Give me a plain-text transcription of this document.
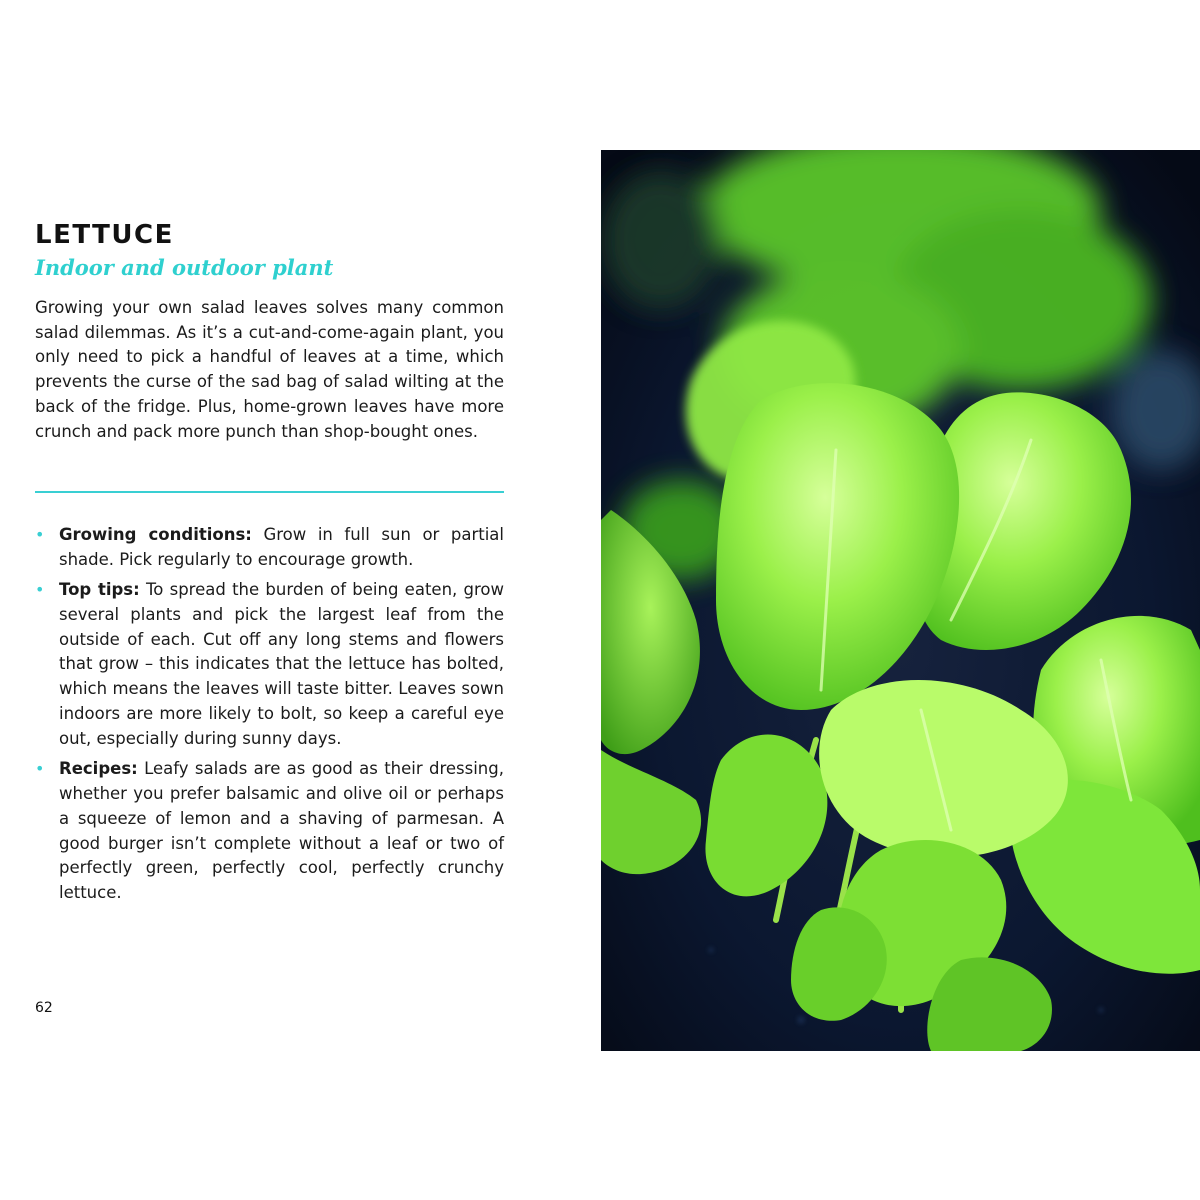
LETTUCE
Indoor and outdoor plant

Growing your own salad leaves solves many common salad dilemmas. As it’s a cut-and-come-again plant, you only need to pick a handful of leaves at a time, which prevents the curse of the sad bag of salad wilting at the back of the fridge. Plus, home-grown leaves have more crunch and pack more punch than shop-bought ones.

• Growing conditions: Grow in full sun or partial shade. Pick regularly to encourage growth.
• Top tips: To spread the burden of being eaten, grow several plants and pick the largest leaf from the outside of each. Cut off any long stems and flowers that grow – this indicates that the lettuce has bolted, which means the leaves will taste bitter. Leaves sown indoors are more likely to bolt, so keep a careful eye out, especially during sunny days.
• Recipes: Leafy salads are as good as their dressing, whether you prefer balsamic and olive oil or perhaps a squeeze of lemon and a shaving of parmesan. A good burger isn’t complete without a leaf or two of perfectly green, perfectly cool, perfectly crunchy lettuce.
62
